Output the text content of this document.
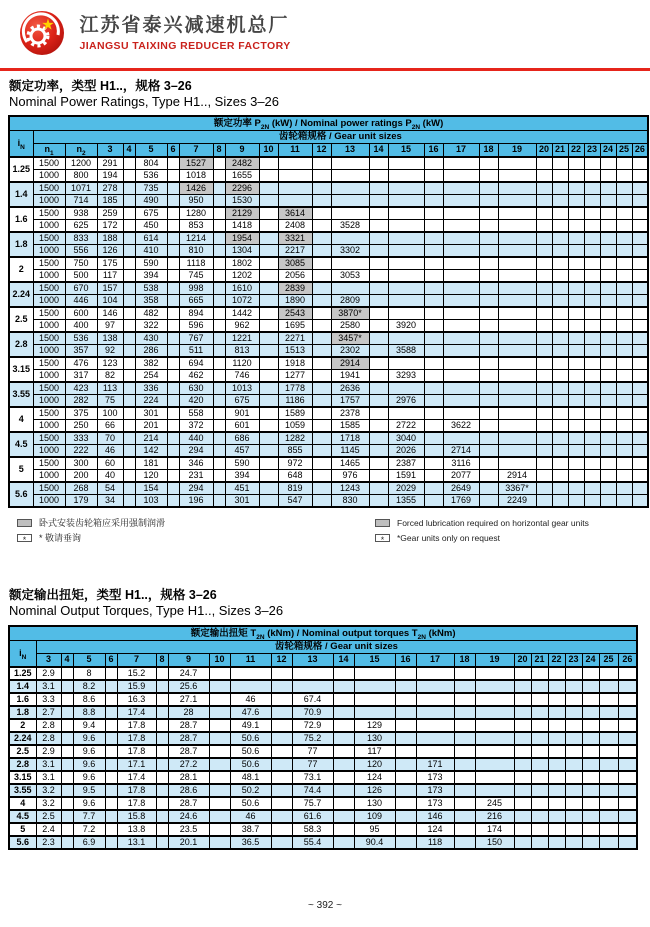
★
江苏省泰兴减速机总厂
JIANGSU TAIXING REDUCER FACTORY
额定功率，类型 H1..，规格 3–26
Nominal Power Ratings, Type H1.., Sizes 3–26
额定功率 $P_{2N}$ (kW) / Nominal power ratings $P_{2N}$ (kW)																										
$i_N$	齿轮箱规格 / Gear unit sizes																									
	$n_1$	$n_2$	3	4	5	6	7	8	9	10	11	12	13	14	15	16	17	18	19	20	21	22	23	24	25	26
1.25	1500	1200	291		804		1527		2482																	
	1000	800	194		536		1018		1655																	
1.4	1500	1071	278		735		1426		2296																	
	1000	714	185		490		950		1530																	
1.6	1500	938	259		675		1280		2129		3614															
	1000	625	172		450		853		1418		2408		3528													
1.8	1500	833	188		614		1214		1954		3321															
	1000	556	126		410		810		1304		2217		3302													
2	1500	750	175		590		1118		1802		3085															
	1000	500	117		394		745		1202		2056		3053													
2.24	1500	670	157		538		998		1610		2839															
	1000	446	104		358		665		1072		1890		2809													
2.5	1500	600	146		482		894		1442		2543		3870*													
	1000	400	97		322		596		962		1695		2580		3920											
2.8	1500	536	138		430		767		1221		2271		3457*													
	1000	357	92		286		511		813		1513		2302		3588											
3.15	1500	476	123		382		694		1120		1918		2914													
	1000	317	82		254		462		746		1277		1941		3293											
3.55	1500	423	113		336		630		1013		1778		2636													
	1000	282	75		224		420		675		1186		1757		2976											
4	1500	375	100		301		558		901		1589		2378													
	1000	250	66		201		372		601		1059		1585		2722		3622									
4.5	1500	333	70		214		440		686		1282		1718		3040											
	1000	222	46		142		294		457		855		1145		2026		2714									
5	1500	300	60		181		346		590		972		1465		2387		3116									
	1000	200	40		120		231		394		648		976		1591		2077		2914							
5.6	1500	268	54		154		294		451		819		1243		2029		2649		3367*							
	1000	179	34		103		196		301		547		830		1355		1769		2249							
卧式安装齿轮箱应采用强制润滑
*
* 敬请垂询
Forced lubrication required on horizontal gear units
*
*Gear units only on request
额定输出扭矩，类型 H1..，规格 3–26
Nominal Output Torques, Type H1.., Sizes 3–26
额定输出扭矩 $T_{2N}$ (kNm) / Nominal output torques $T_{2N}$ (kNm)																								
$i_N$	齿轮箱规格 / Gear unit sizes																							
	3	4	5	6	7	8	9	10	11	12	13	14	15	16	17	18	19	20	21	22	23	24	25	26
1.25	2.9		8		15.2		24.7																	
1.4	3.1		8.2		15.9		25.6																	
1.6	3.3		8.6		16.3		27.1		46		67.4													
1.8	2.7		8.8		17.4		28		47.6		70.9													
2	2.8		9.4		17.8		28.7		49.1		72.9		129											
2.24	2.8		9.6		17.8		28.7		50.6		75.2		130											
2.5	2.9		9.6		17.8		28.7		50.6		77		117											
2.8	3.1		9.6		17.1		27.2		50.6		77		120		171									
3.15	3.1		9.6		17.4		28.1		48.1		73.1		124		173									
3.55	3.2		9.5		17.8		28.6		50.2		74.4		126		173									
4	3.2		9.6		17.8		28.7		50.6		75.7		130		173		245							
4.5	2.5		7.7		15.8		24.6		46		61.6		109		146		216							
5	2.4		7.2		13.8		23.5		38.7		58.3		95		124		174							
5.6	2.3		6.9		13.1		20.1		36.5		55.4		90.4		118		150							
~ 392 ~
